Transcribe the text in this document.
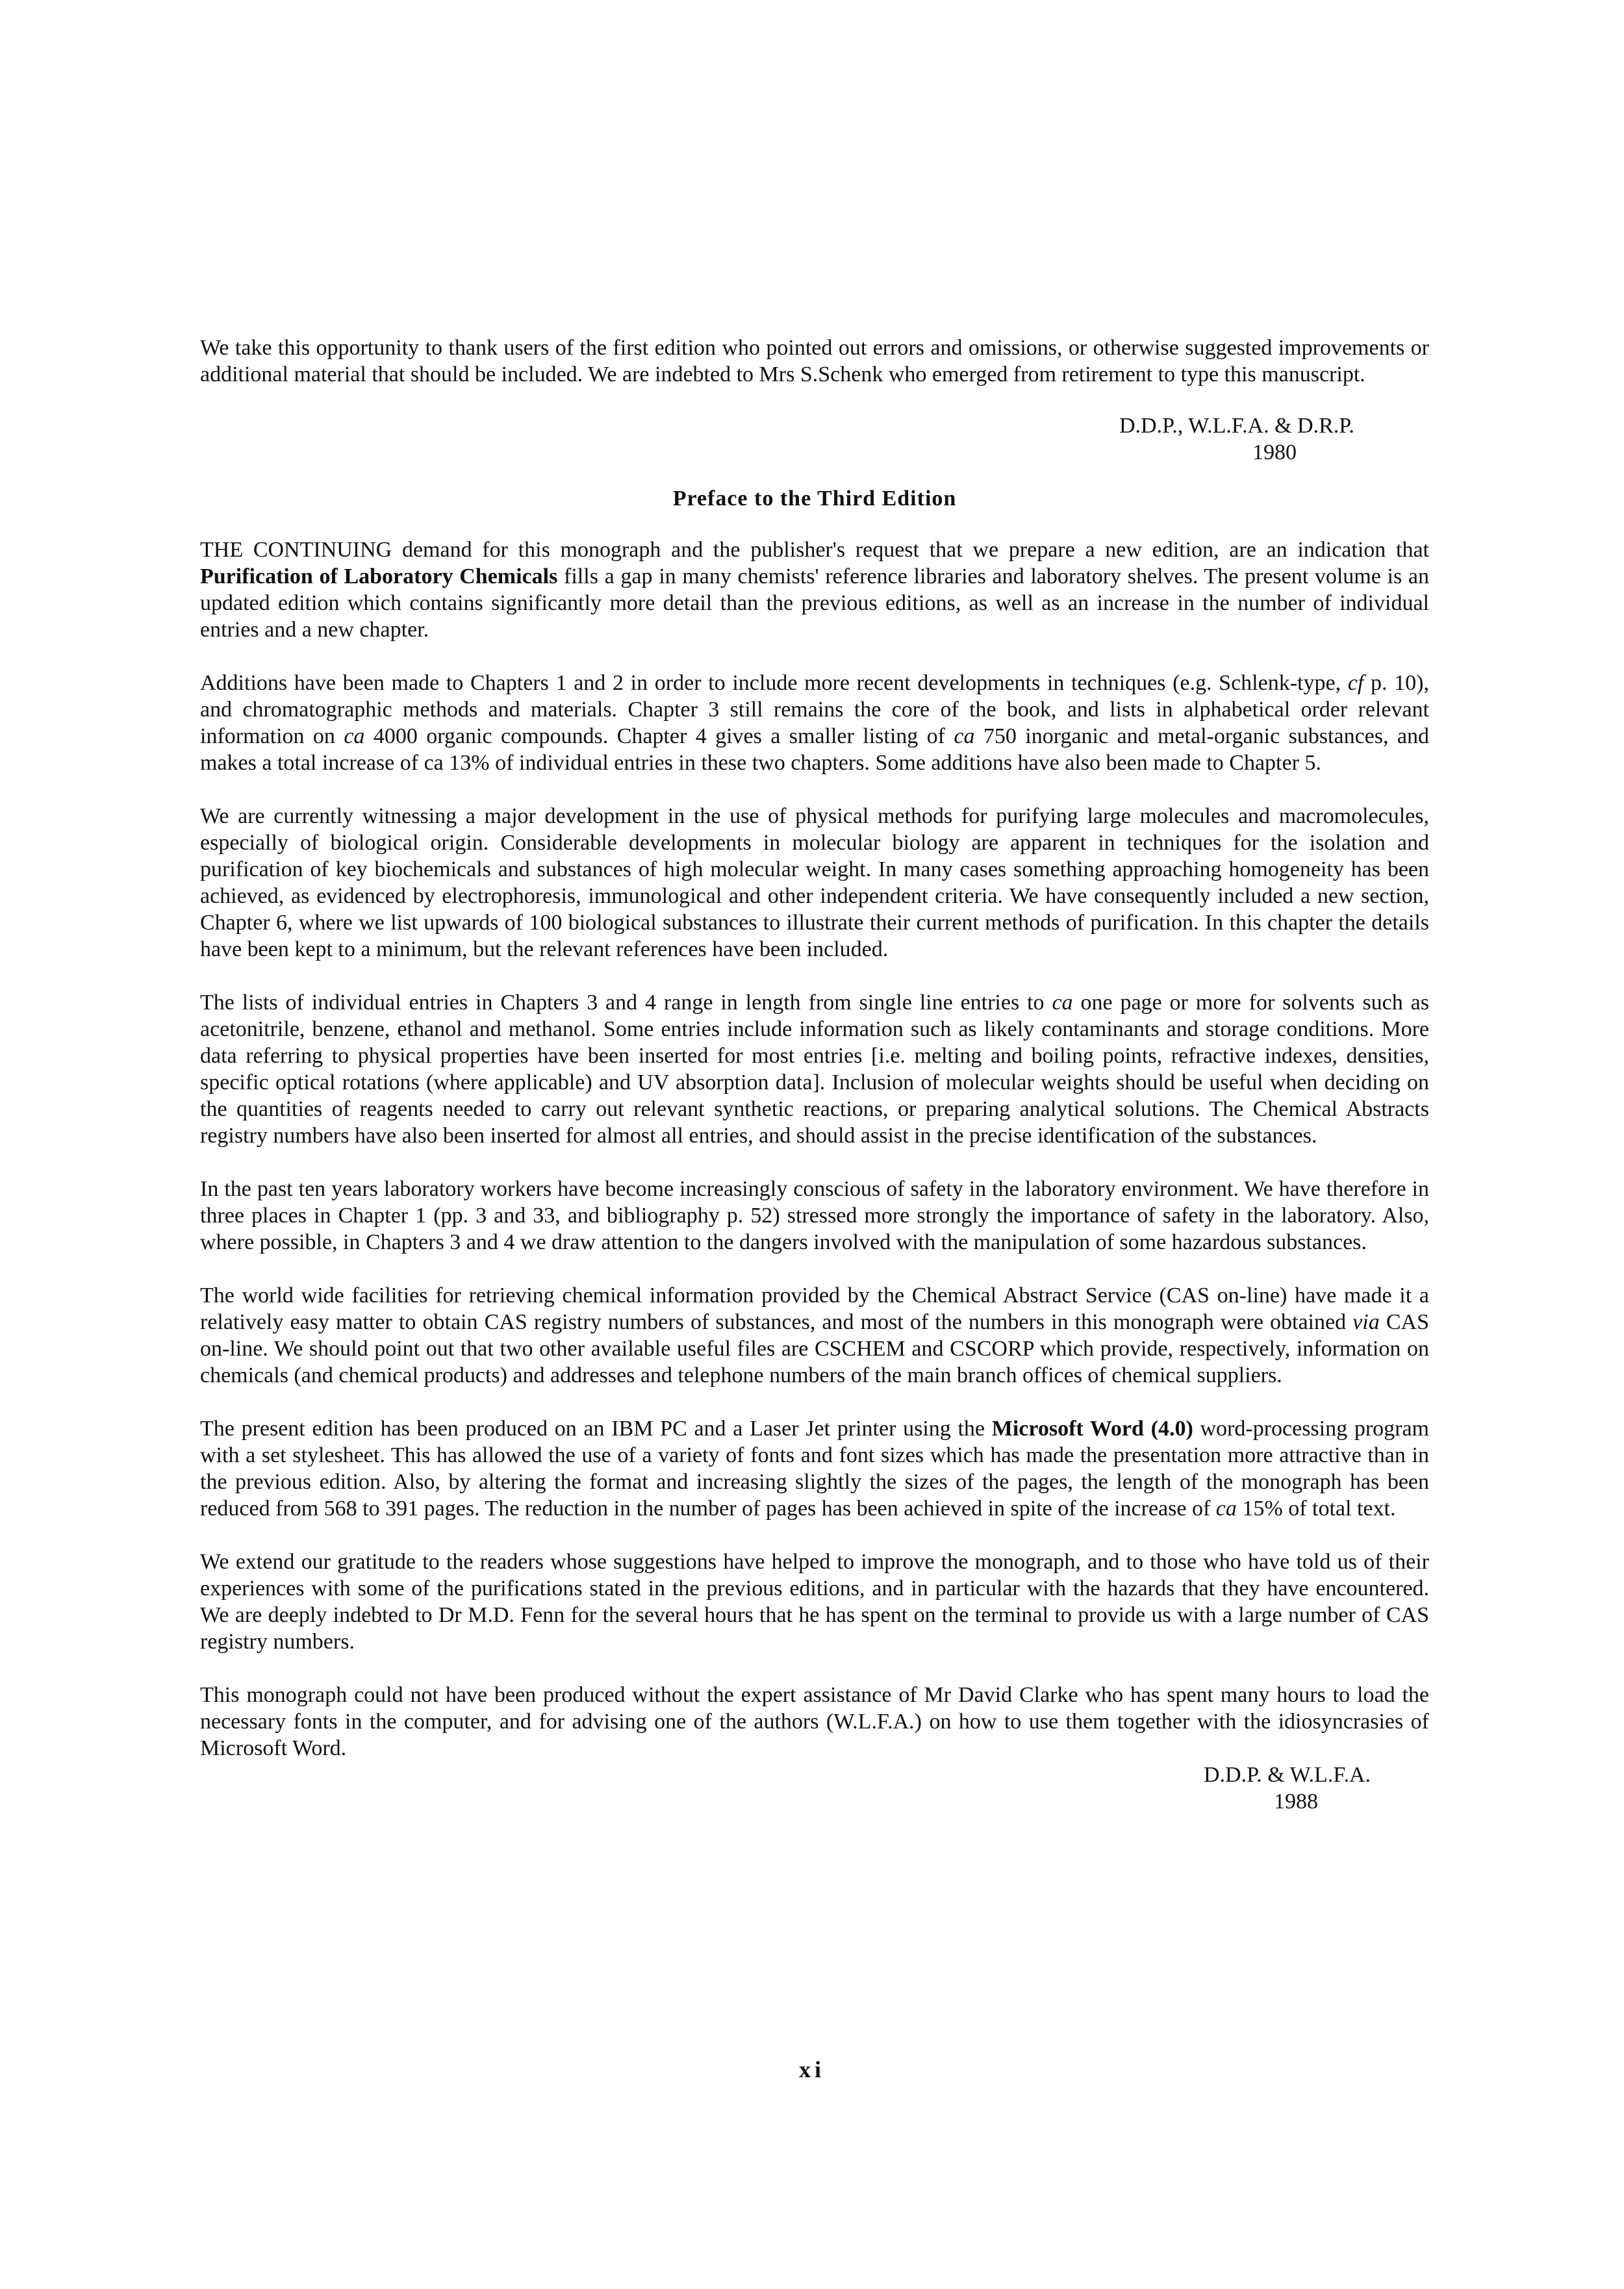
We take this opportunity to thank users of the first edition who pointed out errors and omissions, or otherwise suggested improvements or additional material that should be included. We are indebted to Mrs S.Schenk who emerged from retirement to type this manuscript.

D.D.P., W.L.F.A. & D.R.P.
1980
Preface to the Third Edition

THE CONTINUING demand for this monograph and the publisher's request that we prepare a new edition, are an indication that Purification of Laboratory Chemicals fills a gap in many chemists' reference libraries and laboratory shelves. The present volume is an updated edition which contains significantly more detail than the previous editions, as well as an increase in the number of individual entries and a new chapter.

Additions have been made to Chapters 1 and 2 in order to include more recent developments in techniques (e.g. Schlenk-type, cf p. 10), and chromatographic methods and materials. Chapter 3 still remains the core of the book, and lists in alphabetical order relevant information on ca 4000 organic compounds. Chapter 4 gives a smaller listing of ca 750 inorganic and metal-organic substances, and makes a total increase of ca 13% of individual entries in these two chapters. Some additions have also been made to Chapter 5.

We are currently witnessing a major development in the use of physical methods for purifying large molecules and macromolecules, especially of biological origin. Considerable developments in molecular biology are apparent in techniques for the isolation and purification of key biochemicals and substances of high molecular weight. In many cases something approaching homogeneity has been achieved, as evidenced by electrophoresis, immunological and other independent criteria. We have consequently included a new section, Chapter 6, where we list upwards of 100 biological substances to illustrate their current methods of purification. In this chapter the details have been kept to a minimum, but the relevant references have been included.

The lists of individual entries in Chapters 3 and 4 range in length from single line entries to ca one page or more for solvents such as acetonitrile, benzene, ethanol and methanol. Some entries include information such as likely contaminants and storage conditions. More data referring to physical properties have been inserted for most entries [i.e. melting and boiling points, refractive indexes, densities, specific optical rotations (where applicable) and UV absorption data]. Inclusion of molecular weights should be useful when deciding on the quantities of reagents needed to carry out relevant synthetic reactions, or preparing analytical solutions. The Chemical Abstracts registry numbers have also been inserted for almost all entries, and should assist in the precise identification of the substances.

In the past ten years laboratory workers have become increasingly conscious of safety in the laboratory environment. We have therefore in three places in Chapter 1 (pp. 3 and 33, and bibliography p. 52) stressed more strongly the importance of safety in the laboratory. Also, where possible, in Chapters 3 and 4 we draw attention to the dangers involved with the manipulation of some hazardous substances.

The world wide facilities for retrieving chemical information provided by the Chemical Abstract Service (CAS on-line) have made it a relatively easy matter to obtain CAS registry numbers of substances, and most of the numbers in this monograph were obtained via CAS on-line. We should point out that two other available useful files are CSCHEM and CSCORP which provide, respectively, information on chemicals (and chemical products) and addresses and telephone numbers of the main branch offices of chemical suppliers.

The present edition has been produced on an IBM PC and a Laser Jet printer using the Microsoft Word (4.0) word-processing program with a set stylesheet. This has allowed the use of a variety of fonts and font sizes which has made the presentation more attractive than in the previous edition. Also, by altering the format and increasing slightly the sizes of the pages, the length of the monograph has been reduced from 568 to 391 pages. The reduction in the number of pages has been achieved in spite of the increase of ca 15% of total text.

We extend our gratitude to the readers whose suggestions have helped to improve the monograph, and to those who have told us of their experiences with some of the purifications stated in the previous editions, and in particular with the hazards that they have encountered. We are deeply indebted to Dr M.D. Fenn for the several hours that he has spent on the terminal to provide us with a large number of CAS registry numbers.

This monograph could not have been produced without the expert assistance of Mr David Clarke who has spent many hours to load the necessary fonts in the computer, and for advising one of the authors (W.L.F.A.) on how to use them together with the idiosyncrasies of Microsoft Word.

D.D.P. & W.L.F.A.
1988
xi
